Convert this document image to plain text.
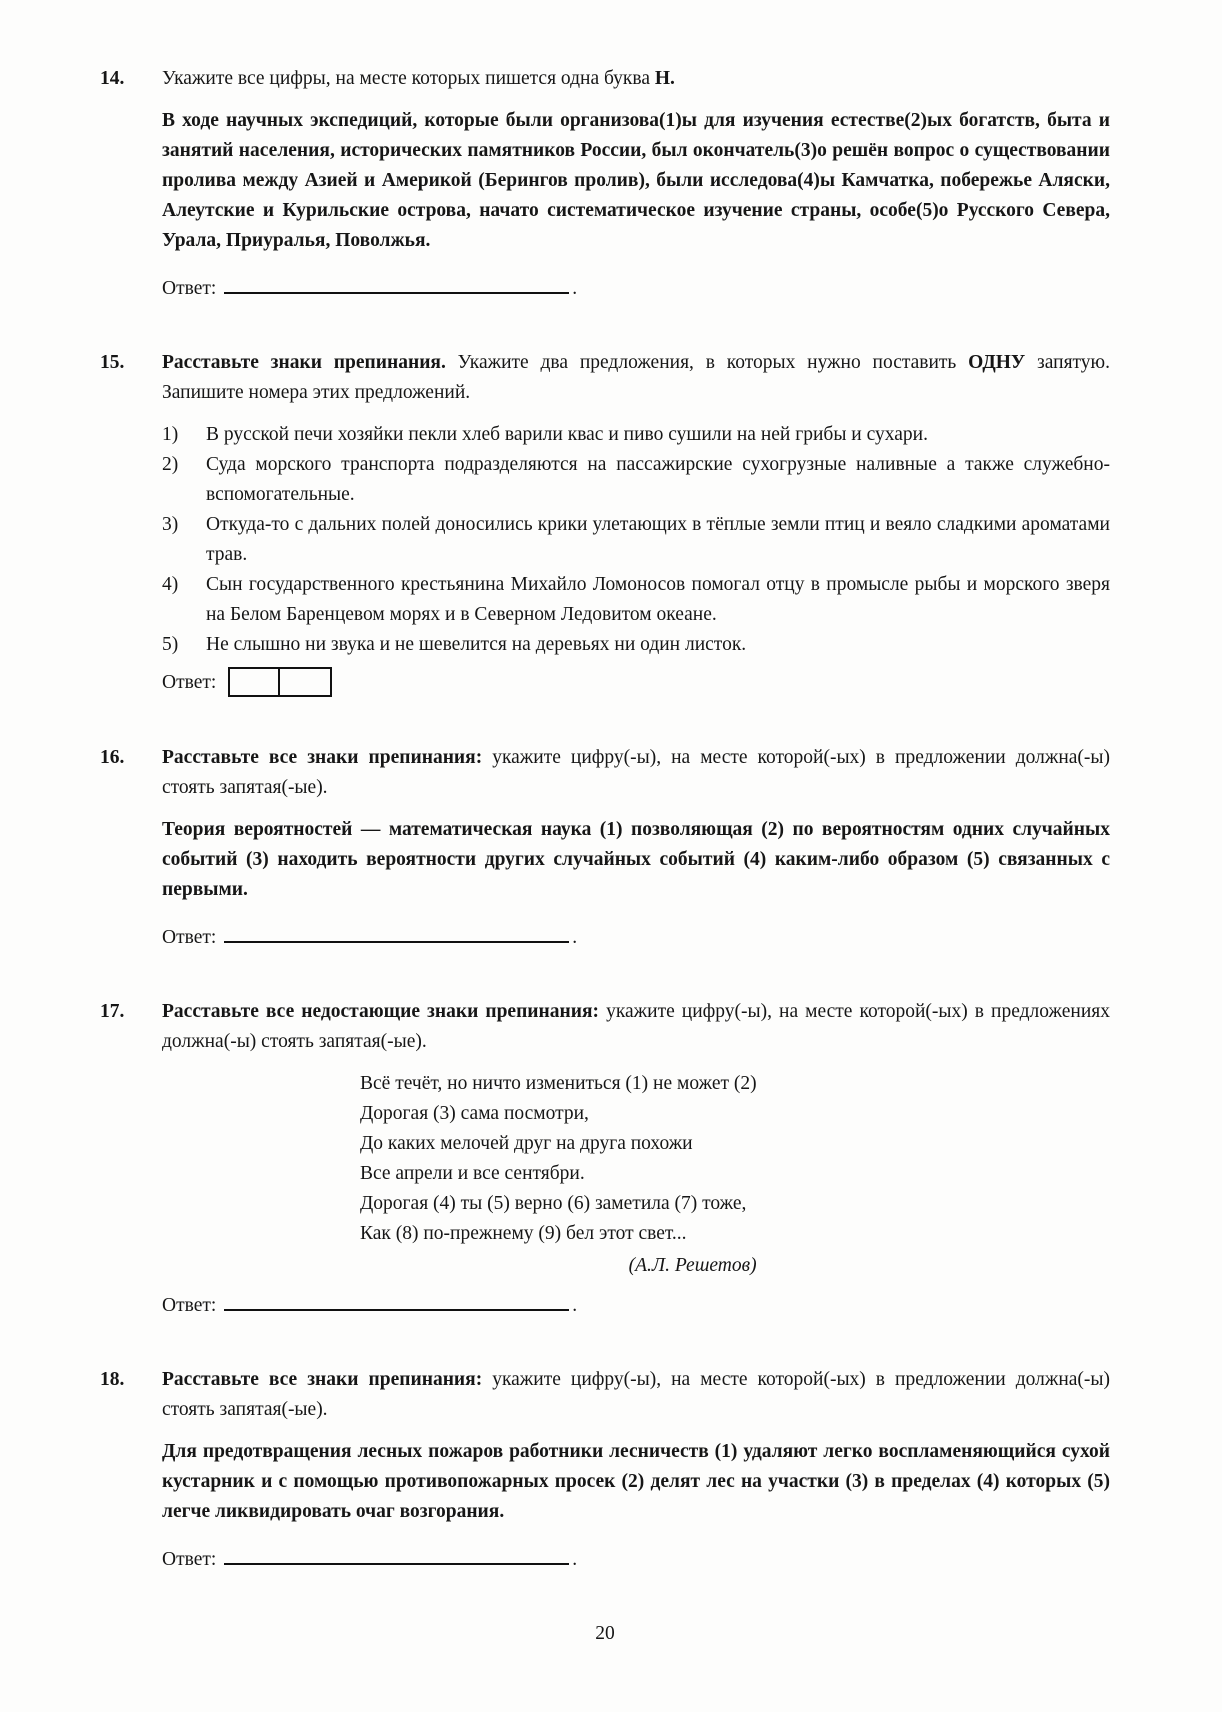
14.	Укажите все цифры, на месте которых пишется одна буква Н.

В ходе научных экспедиций, которые были организова(1)ы для изучения естестве(2)ых богатств, быта и занятий населения, исторических памятников России, был окончатель(3)о решён вопрос о существовании пролива между Азией и Америкой (Берингов пролив), были исследова(4)ы Камчатка, побережье Аляски, Алеутские и Курильские острова, начато систематическое изучение страны, особе(5)о Русского Севера, Урала, Приуралья, Поволжья.

Ответ:	.

15.	Расставьте знаки препинания. Укажите два предложения, в которых нужно поставить ОДНУ запятую. Запишите номера этих предложений.

1)	В русской печи хозяйки пекли хлеб варили квас и пиво сушили на ней грибы и сухари.
2)	Суда морского транспорта подразделяются на пассажирские сухогрузные наливные а также служебно-вспомогательные.
3)	Откуда-то с дальних полей доносились крики улетающих в тёплые земли птиц и веяло сладкими ароматами трав.
4)	Сын государственного крестьянина Михайло Ломоносов помогал отцу в промысле рыбы и морского зверя на Белом Баренцевом морях и в Северном Ледовитом океане.
5)	Не слышно ни звука и не шевелится на деревьях ни один листок.

Ответ:

16.	Расставьте все знаки препинания: укажите цифру(-ы), на месте которой(-ых) в предложении должна(-ы) стоять запятая(-ые).

Теория вероятностей — математическая наука (1) позволяющая (2) по вероятностям одних случайных событий (3) находить вероятности других случайных событий (4) каким-либо образом (5) связанных с первыми.

Ответ:	.

17.	Расставьте все недостающие знаки препинания: укажите цифру(-ы), на месте которой(-ых) в предложениях должна(-ы) стоять запятая(-ые).

Всё течёт, но ничто измениться (1) не может (2)
Дорогая (3) сама посмотри,
До каких мелочей друг на друга похожи
Все апрели и все сентябри.
Дорогая (4) ты (5) верно (6) заметила (7) тоже,
Как (8) по-прежнему (9) бел этот свет...
(А.Л. Решетов)

Ответ:	.

18.	Расставьте все знаки препинания: укажите цифру(-ы), на месте которой(-ых) в предложении должна(-ы) стоять запятая(-ые).

Для предотвращения лесных пожаров работники лесничеств (1) удаляют легко воспламеняющийся сухой кустарник и с помощью противопожарных просек (2) делят лес на участки (3) в пределах (4) которых (5) легче ликвидировать очаг возгорания.

Ответ:	.

20
